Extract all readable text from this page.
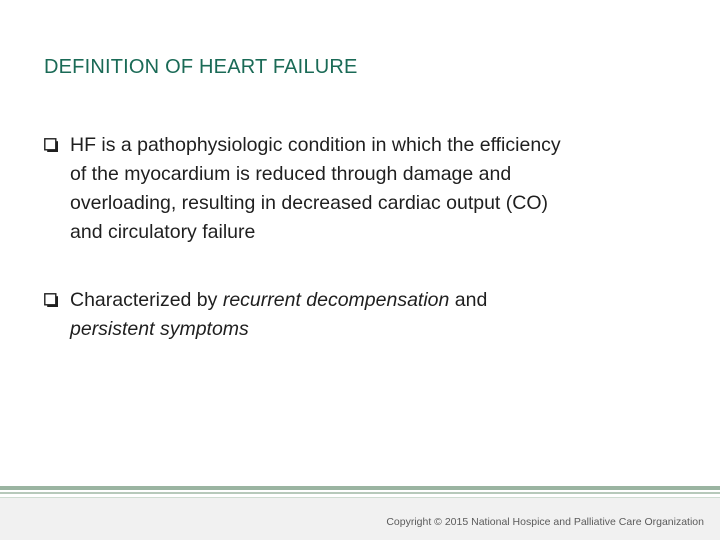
DEFINITION OF HEART FAILURE
HF is a pathophysiologic condition in which the efficiency
of the myocardium is reduced through damage and
overloading, resulting in decreased cardiac output (CO)
and circulatory failure
Characterized by recurrent decompensation and
persistent symptoms
Copyright © 2015 National Hospice and Palliative Care Organization
